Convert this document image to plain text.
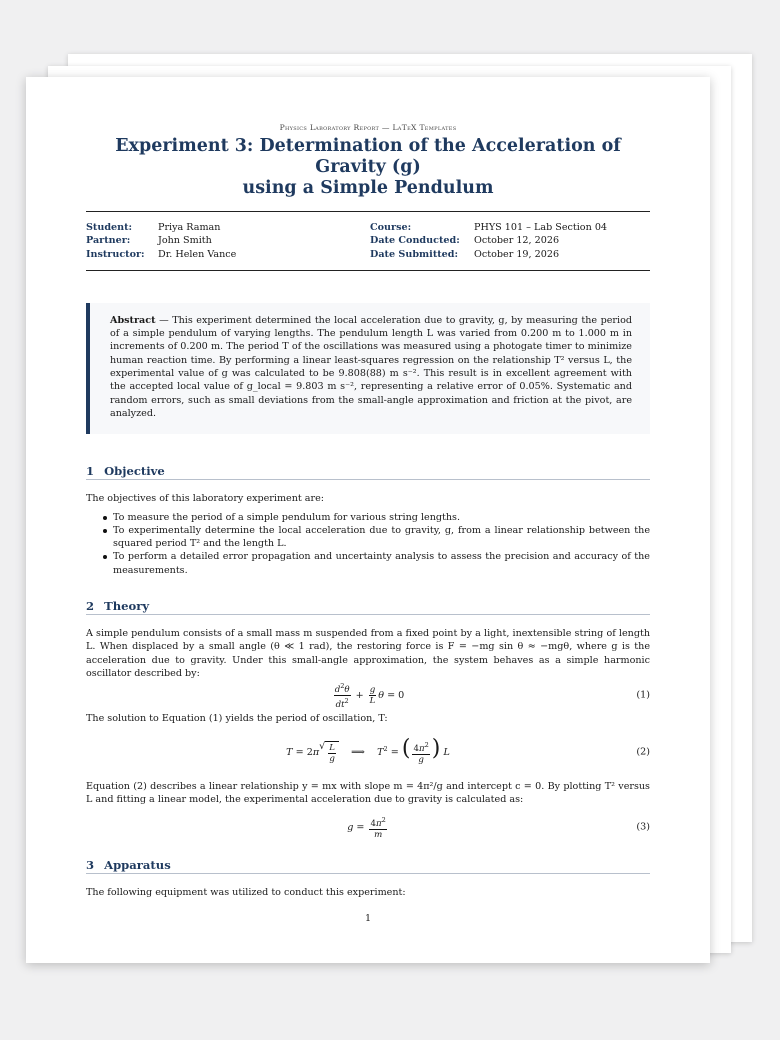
Physics Laboratory Report — LaTeX Templates
Experiment 3: Determination of the Acceleration of Gravity (g)
using a Simple Pendulum
Student:	Priya Raman
Partner:	John Smith
Instructor:	Dr. Helen Vance
Course:	PHYS 101 – Lab Section 04
Date Conducted:	October 12, 2026
Date Submitted:	October 19, 2026
Abstract — This experiment determined the local acceleration due to gravity, g, by measuring the period of a simple pendulum of varying lengths. The pendulum length L was varied from 0.200 m to 1.000 m in increments of 0.200 m. The period T of the oscillations was measured using a photogate timer to minimize human reaction time. By performing a linear least-squares regression on the relationship T² versus L, the experimental value of g was calculated to be 9.808(88) m s⁻². This result is in excellent agreement with the accepted local value of g_local = 9.803 m s⁻², representing a relative error of 0.05%. Systematic and random errors, such as small deviations from the small-angle approximation and friction at the pivot, are analyzed.
1 Objective
The objectives of this laboratory experiment are:
To measure the period of a simple pendulum for various string lengths.
To experimentally determine the local acceleration due to gravity, g, from a linear relationship between the squared period T² and the length L.
To perform a detailed error propagation and uncertainty analysis to assess the precision and accuracy of the measurements.
2 Theory
A simple pendulum consists of a small mass m suspended from a fixed point by a light, inextensible string of length L. When displaced by a small angle (θ ≪ 1 rad), the restoring force is F = −mg sin θ ≈ −mgθ, where g is the acceleration due to gravity. Under this small-angle approximation, the system behaves as a simple harmonic oscillator described by:
$\frac{d^2\theta}{dt^2} + \frac{g}{L}$ θ = 0	(1)
The solution to Equation (1) yields the period of oscillation, T:
T = 2π
√ $\frac{L}{g}$ ⟹    $T^2$ = ( $\frac{4\pi^2}{g}$ ) L	(2)
Equation (2) describes a linear relationship y = mx with slope m = 4π²/g and intercept c = 0. By plotting T² versus L and fitting a linear model, the experimental acceleration due to gravity is calculated as:
$g = \frac{4\pi^2}{m}$	(3)
3 Apparatus
The following equipment was utilized to conduct this experiment:
1
